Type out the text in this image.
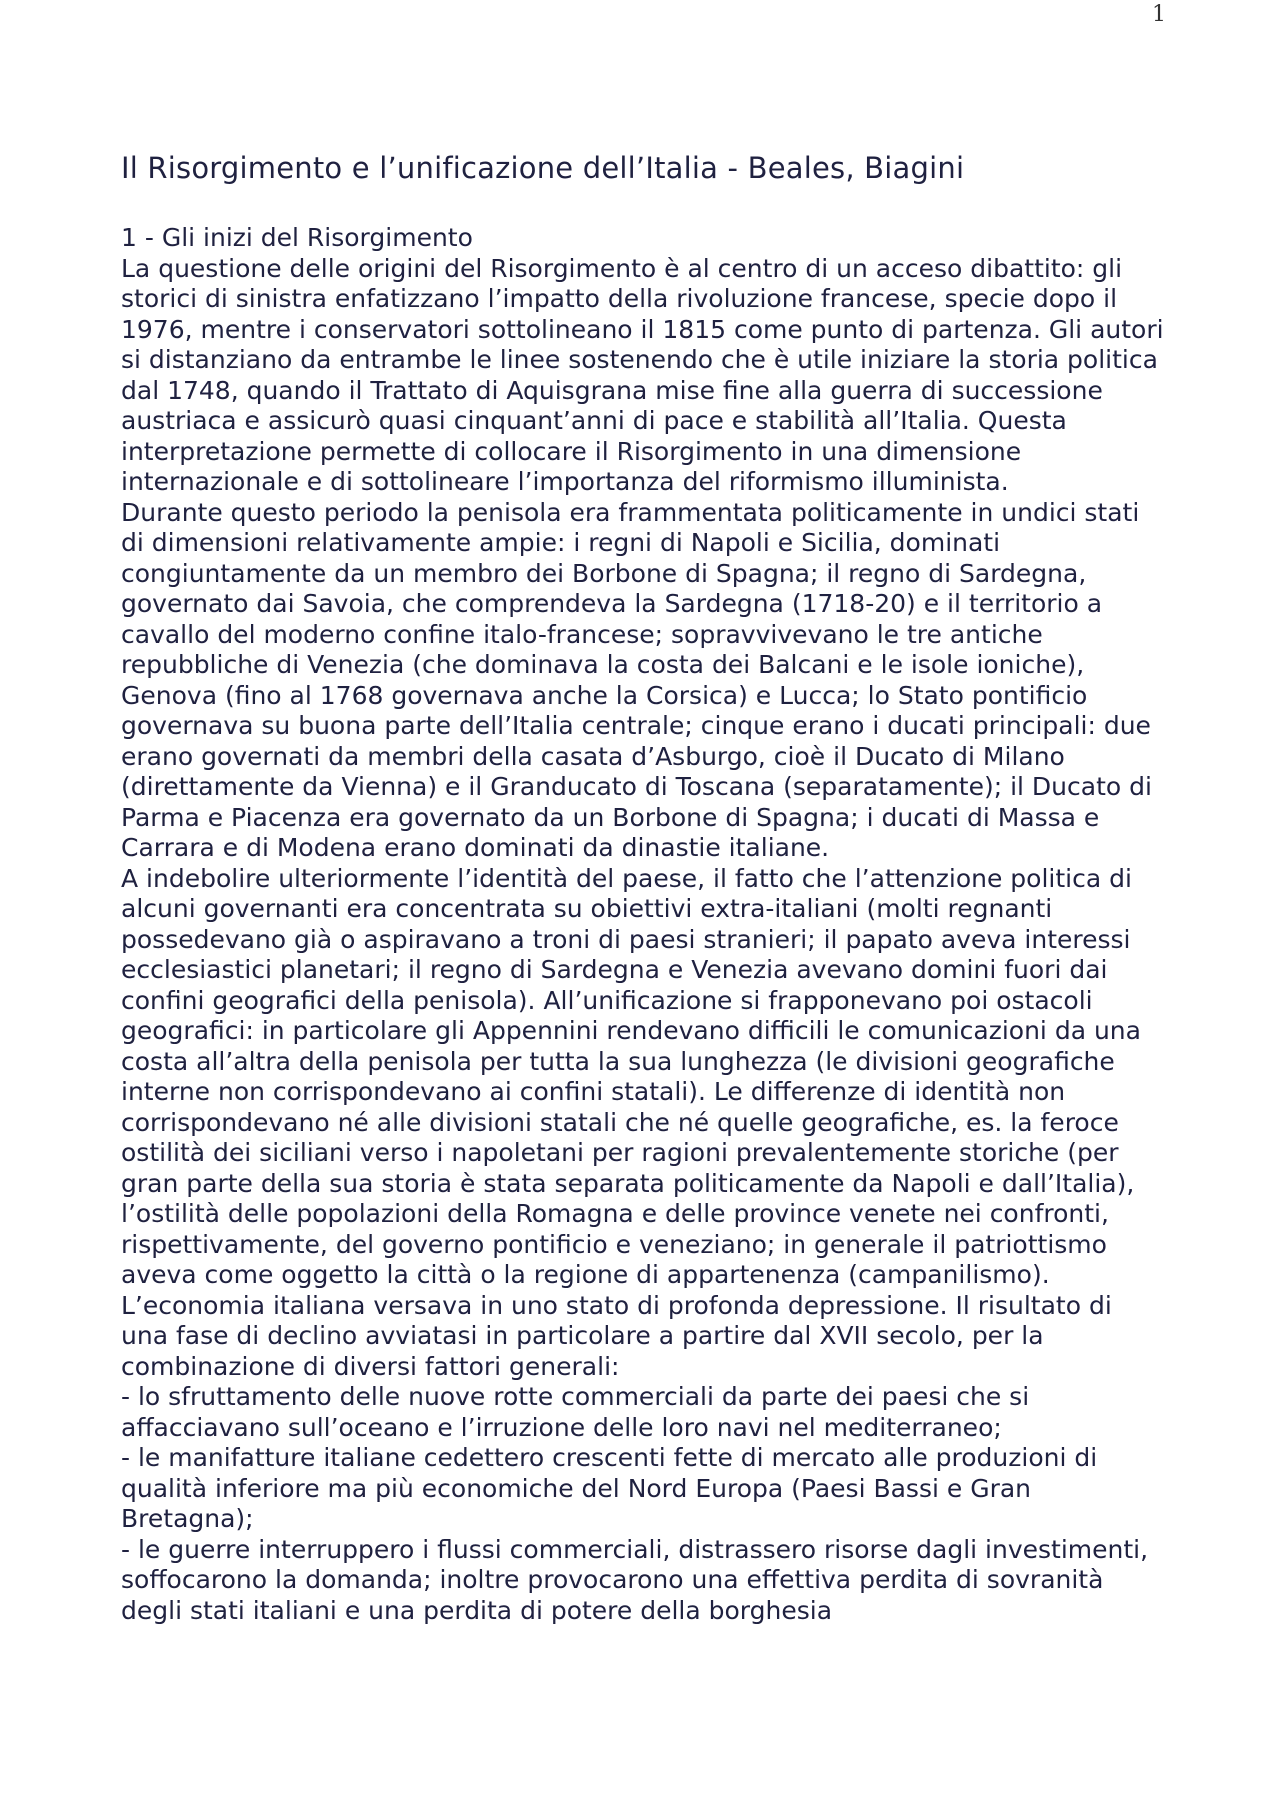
1
Il Risorgimento e l’unificazione dell’Italia - Beales, Biagini
1 - Gli inizi del Risorgimento

La questione delle origini del Risorgimento è al centro di un acceso dibattito: gli storici di sinistra enfatizzano l’impatto della rivoluzione francese, specie dopo il 1976, mentre i conservatori sottolineano il 1815 come punto di partenza. Gli autori si distanziano da entrambe le linee sostenendo che è utile iniziare la storia politica dal 1748, quando il Trattato di Aquisgrana mise fine alla guerra di successione austriaca e assicurò quasi cinquant’anni di pace e stabilità all’Italia. Questa interpretazione permette di collocare il Risorgimento in una dimensione internazionale e di sottolineare l’importanza del riformismo illuminista.

Durante questo periodo la penisola era frammentata politicamente in undici stati di dimensioni relativamente ampie: i regni di Napoli e Sicilia, dominati congiuntamente da un membro dei Borbone di Spagna; il regno di Sardegna, governato dai Savoia, che comprendeva la Sardegna (1718-20) e il territorio a cavallo del moderno confine italo-francese; sopravvivevano le tre antiche repubbliche di Venezia (che dominava la costa dei Balcani e le isole ioniche), Genova (fino al 1768 governava anche la Corsica) e Lucca; lo Stato pontificio governava su buona parte dell’Italia centrale; cinque erano i ducati principali: due erano governati da membri della casata d’Asburgo, cioè il Ducato di Milano (direttamente da Vienna) e il Granducato di Toscana (separatamente); il Ducato di Parma e Piacenza era governato da un Borbone di Spagna; i ducati di Massa e Carrara e di Modena erano dominati da dinastie italiane.

A indebolire ulteriormente l’identità del paese, il fatto che l’attenzione politica di alcuni governanti era concentrata su obiettivi extra-italiani (molti regnanti possedevano già o aspiravano a troni di paesi stranieri; il papato aveva interessi ecclesiastici planetari; il regno di Sardegna e Venezia avevano domini fuori dai confini geografici della penisola). All’unificazione si frapponevano poi ostacoli geografici: in particolare gli Appennini rendevano difficili le comunicazioni da una costa all’altra della penisola per tutta la sua lunghezza (le divisioni geografiche interne non corrispondevano ai confini statali). Le differenze di identità non corrispondevano né alle divisioni statali che né quelle geografiche, es. la feroce ostilità dei siciliani verso i napoletani per ragioni prevalentemente storiche (per gran parte della sua storia è stata separata politicamente da Napoli e dall’Italia), l’ostilità delle popolazioni della Romagna e delle province venete nei confronti, rispettivamente, del governo pontificio e veneziano; in generale il patriottismo aveva come oggetto la città o la regione di appartenenza (campanilismo).

L’economia italiana versava in uno stato di profonda depressione. Il risultato di una fase di declino avviatasi in particolare a partire dal XVII secolo, per la combinazione di diversi fattori generali:

- lo sfruttamento delle nuove rotte commerciali da parte dei paesi che si affacciavano sull’oceano e l’irruzione delle loro navi nel mediterraneo;

- le manifatture italiane cedettero crescenti fette di mercato alle produzioni di qualità inferiore ma più economiche del Nord Europa (Paesi Bassi e Gran Bretagna);

- le guerre interruppero i flussi commerciali, distrassero risorse dagli investimenti, soffocarono la domanda; inoltre provocarono una effettiva perdita di sovranità degli stati italiani e una perdita di potere della borghesia
